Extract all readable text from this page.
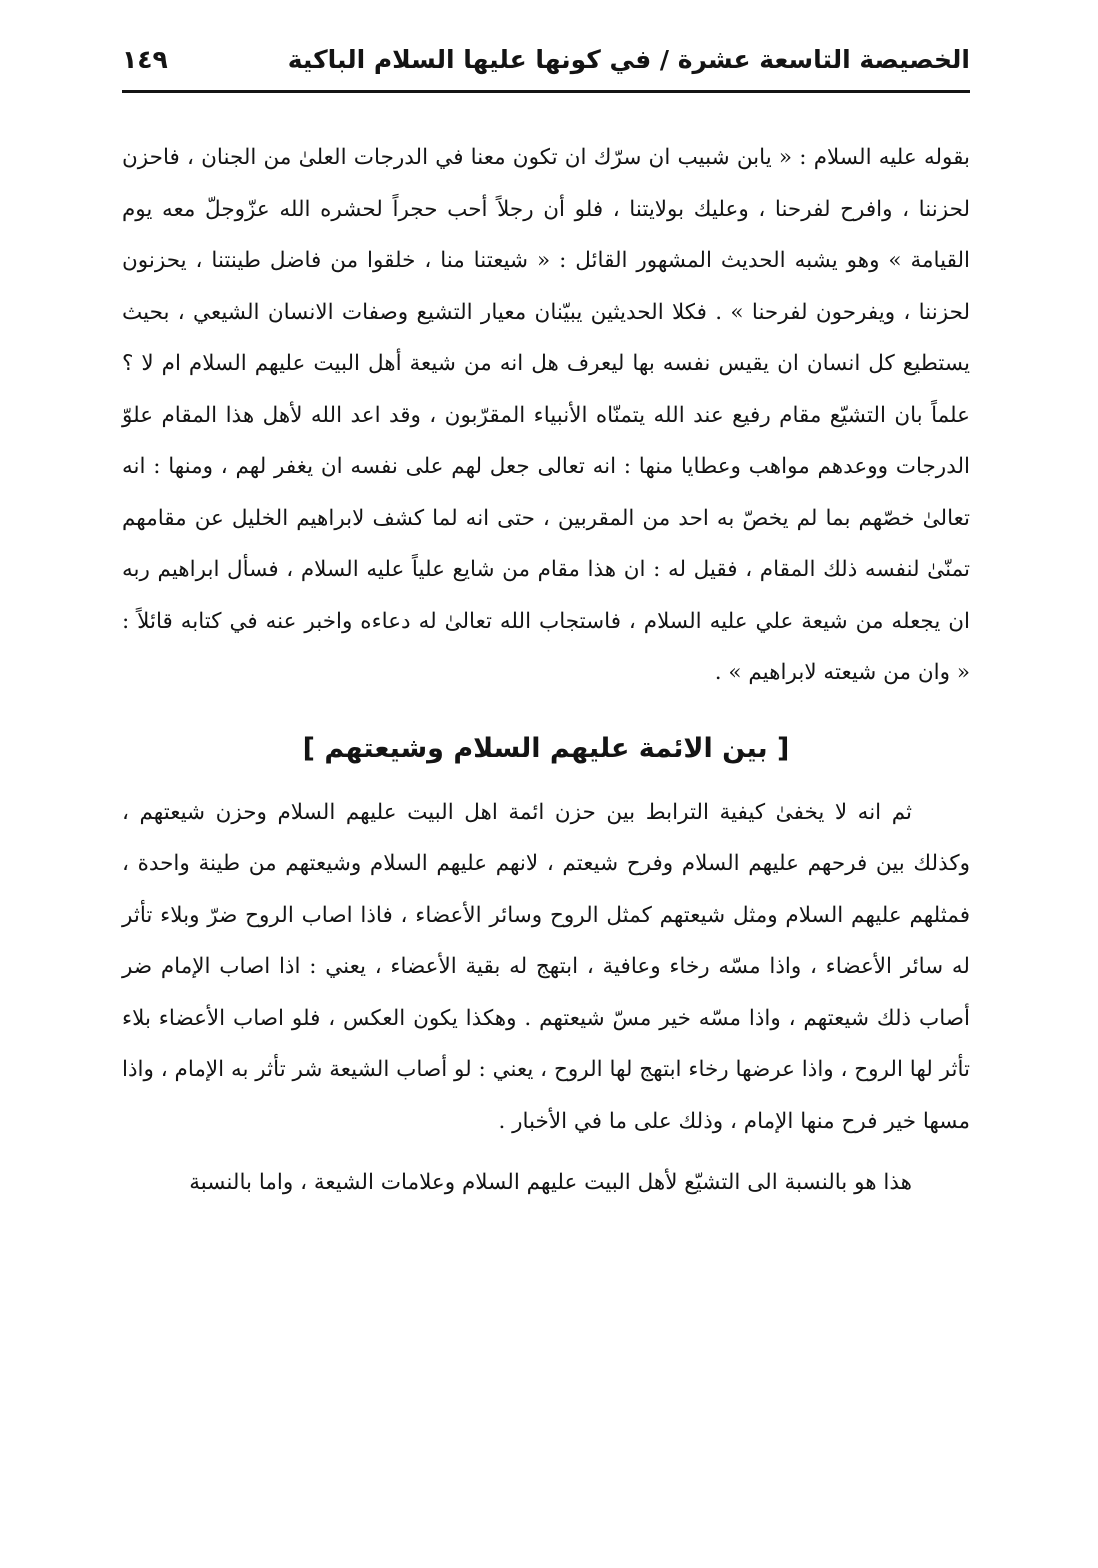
الخصيصة التاسعة عشرة / في كونها عليها السلام الباكية
١٤٩

بقوله عليه السلام : « يابن شبيب ان سرّك ان تكون معنا في الدرجات العلىٰ من الجنان ، فاحزن لحزننا ، وافرح لفرحنا ، وعليك بولايتنا ، فلو أن رجلاً أحب حجراً لحشره الله عزّوجلّ معه يوم القيامة » وهو يشبه الحديث المشهور القائل : « شيعتنا منا ، خلقوا من فاضل طينتنا ، يحزنون لحزننا ، ويفرحون لفرحنا » . فكلا الحديثين يبيّنان معيار التشيع وصفات الانسان الشيعي ، بحيث يستطيع كل انسان ان يقيس نفسه بها ليعرف هل انه من شيعة أهل البيت عليهم السلام ام لا ؟ علماً بان التشيّع مقام رفيع عند الله يتمنّاه الأنبياء المقرّبون ، وقد اعد الله لأهل هذا المقام علوّ الدرجات ووعدهم مواهب وعطايا منها : انه تعالى جعل لهم على نفسه ان يغفر لهم ، ومنها : انه تعالىٰ خصّهم بما لم يخصّ به احد من المقربين ، حتى انه لما كشف لابراهيم الخليل عن مقامهم تمنّىٰ لنفسه ذلك المقام ، فقيل له : ان هذا مقام من شايع علياً عليه السلام ، فسأل ابراهيم ربه ان يجعله من شيعة علي عليه السلام ، فاستجاب الله تعالىٰ له دعاءه واخبر عنه في كتابه قائلاً : « وان من شيعته لابراهيم » .

[ بين الائمة عليهم السلام وشيعتهم ]

ثم انه لا يخفىٰ كيفية الترابط بين حزن ائمة اهل البيت عليهم السلام وحزن شيعتهم ، وكذلك بين فرحهم عليهم السلام وفرح شيعتم ، لانهم عليهم السلام وشيعتهم من طينة واحدة ، فمثلهم عليهم السلام ومثل شيعتهم كمثل الروح وسائر الأعضاء ، فاذا اصاب الروح ضرّ وبلاء تأثر له سائر الأعضاء ، واذا مسّه رخاء وعافية ، ابتهج له بقية الأعضاء ، يعني : اذا اصاب الإمام ضر أصاب ذلك شيعتهم ، واذا مسّه خير مسّ شيعتهم . وهكذا يكون العكس ، فلو اصاب الأعضاء بلاء تأثر لها الروح ، واذا عرضها رخاء ابتهج لها الروح ، يعني : لو أصاب الشيعة شر تأثر به الإمام ، واذا مسها خير فرح منها الإمام ، وذلك على ما في الأخبار .

هذا هو بالنسبة الى التشيّع لأهل البيت عليهم السلام وعلامات الشيعة ، واما بالنسبة
